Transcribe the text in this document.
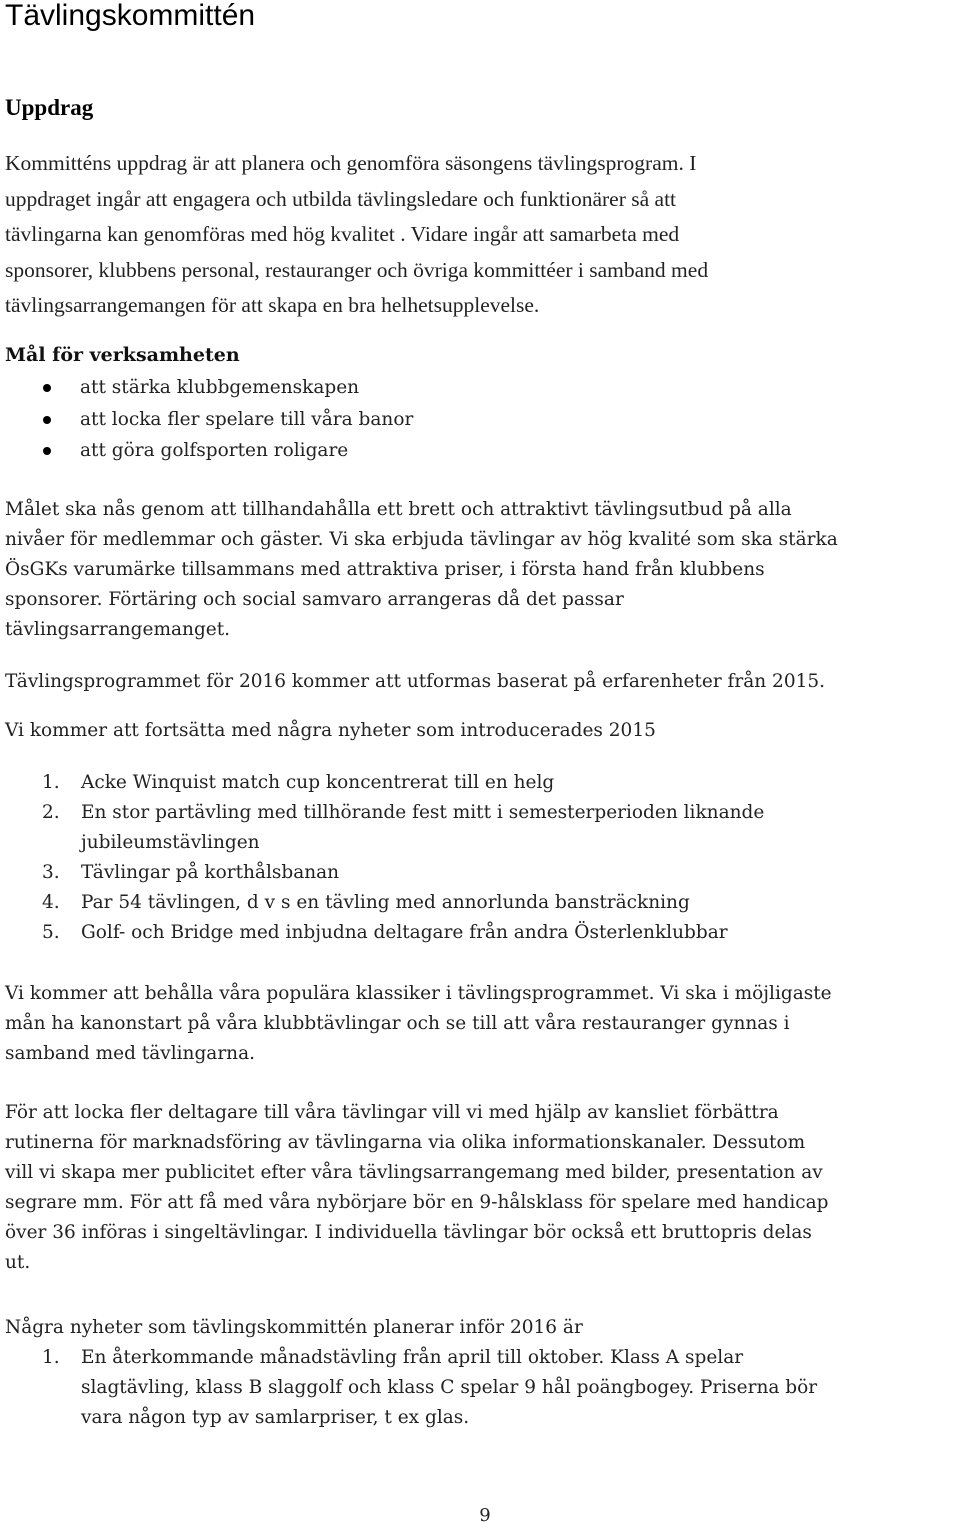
Tävlingskommittén
Uppdrag
Kommitténs uppdrag är att planera och genomföra säsongens tävlingsprogram. I
uppdraget ingår att engagera och utbilda tävlingsledare och funktionärer så att
tävlingarna kan genomföras med hög kvalitet . Vidare ingår att samarbeta med
sponsorer, klubbens personal, restauranger och övriga kommittéer i samband med
tävlingsarrangemangen för att skapa en bra helhetsupplevelse.
Mål för verksamheten
att stärka klubbgemenskapen
att locka fler spelare till våra banor
att göra golfsporten roligare
Målet ska nås genom att tillhandahålla ett brett och attraktivt tävlingsutbud på alla
nivåer för medlemmar och gäster. Vi ska erbjuda tävlingar av hög kvalité som ska stärka
ÖsGKs varumärke tillsammans med attraktiva priser, i första hand från klubbens
sponsorer. Förtäring och social samvaro arrangeras då det passar
tävlingsarrangemanget.
Tävlingsprogrammet för 2016 kommer att utformas baserat på erfarenheter från 2015.
Vi kommer att fortsätta med några nyheter som introducerades 2015
1. Acke Winquist match cup koncentrerat till en helg
2. En stor partävling med tillhörande fest mitt i semesterperioden liknande
jubileumstävlingen
3. Tävlingar på korthålsbanan
4. Par 54 tävlingen, d v s en tävling med annorlunda bansträckning
5. Golf- och Bridge med inbjudna deltagare från andra Österlenklubbar
Vi kommer att behålla våra populära klassiker i tävlingsprogrammet. Vi ska i möjligaste
mån ha kanonstart på våra klubbtävlingar och se till att våra restauranger gynnas i
samband med tävlingarna.
För att locka fler deltagare till våra tävlingar vill vi med hjälp av kansliet förbättra
rutinerna för marknadsföring av tävlingarna via olika informationskanaler. Dessutom
vill vi skapa mer publicitet efter våra tävlingsarrangemang med bilder, presentation av
segrare mm. För att få med våra nybörjare bör en 9-hålsklass för spelare med handicap
över 36 införas i singeltävlingar. I individuella tävlingar bör också ett bruttopris delas
ut.
Några nyheter som tävlingskommittén planerar inför 2016 är
1. En återkommande månadstävling från april till oktober. Klass A spelar
slagtävling, klass B slaggolf och klass C spelar 9 hål poängbogey. Priserna bör
vara någon typ av samlarpriser, t ex glas.
9
